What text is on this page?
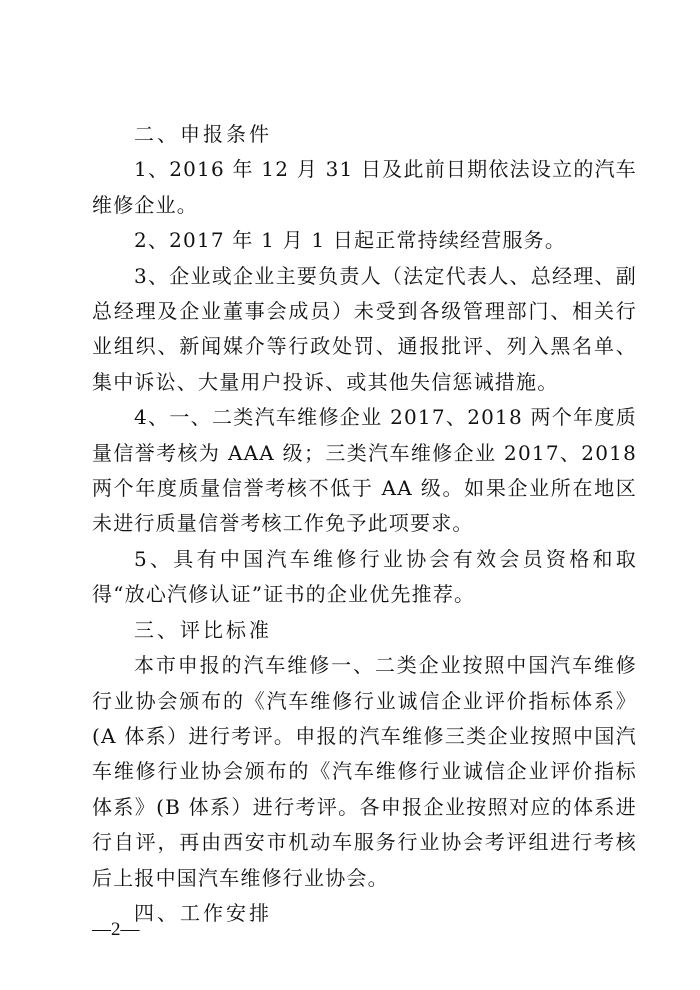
二、申报条件

1、2016 年 12 月 31 日及此前日期依法设立的汽车维修企业。

2、2017 年 1 月 1 日起正常持续经营服务。

3、企业或企业主要负责人（法定代表人、总经理、副总经理及企业董事会成员）未受到各级管理部门、相关行业组织、新闻媒介等行政处罚、通报批评、列入黑名单、集中诉讼、大量用户投诉、或其他失信惩诫措施。

4、一、二类汽车维修企业 2017、2018 两个年度质量信誉考核为 AAA 级；三类汽车维修企业 2017、2018 两个年度质量信誉考核不低于 AA 级。如果企业所在地区未进行质量信誉考核工作免予此项要求。

5、具有中国汽车维修行业协会有效会员资格和取得“放心汽修认证”证书的企业优先推荐。

三、评比标准

本市申报的汽车维修一、二类企业按照中国汽车维修行业协会颁布的《汽车维修行业诚信企业评价指标体系》(A 体系）进行考评。申报的汽车维修三类企业按照中国汽车维修行业协会颁布的《汽车维修行业诚信企业评价指标体系》(B 体系）进行考评。各申报企业按照对应的体系进行自评，再由西安市机动车服务行业协会考评组进行考核后上报中国汽车维修行业协会。

四、工作安排

—2—
